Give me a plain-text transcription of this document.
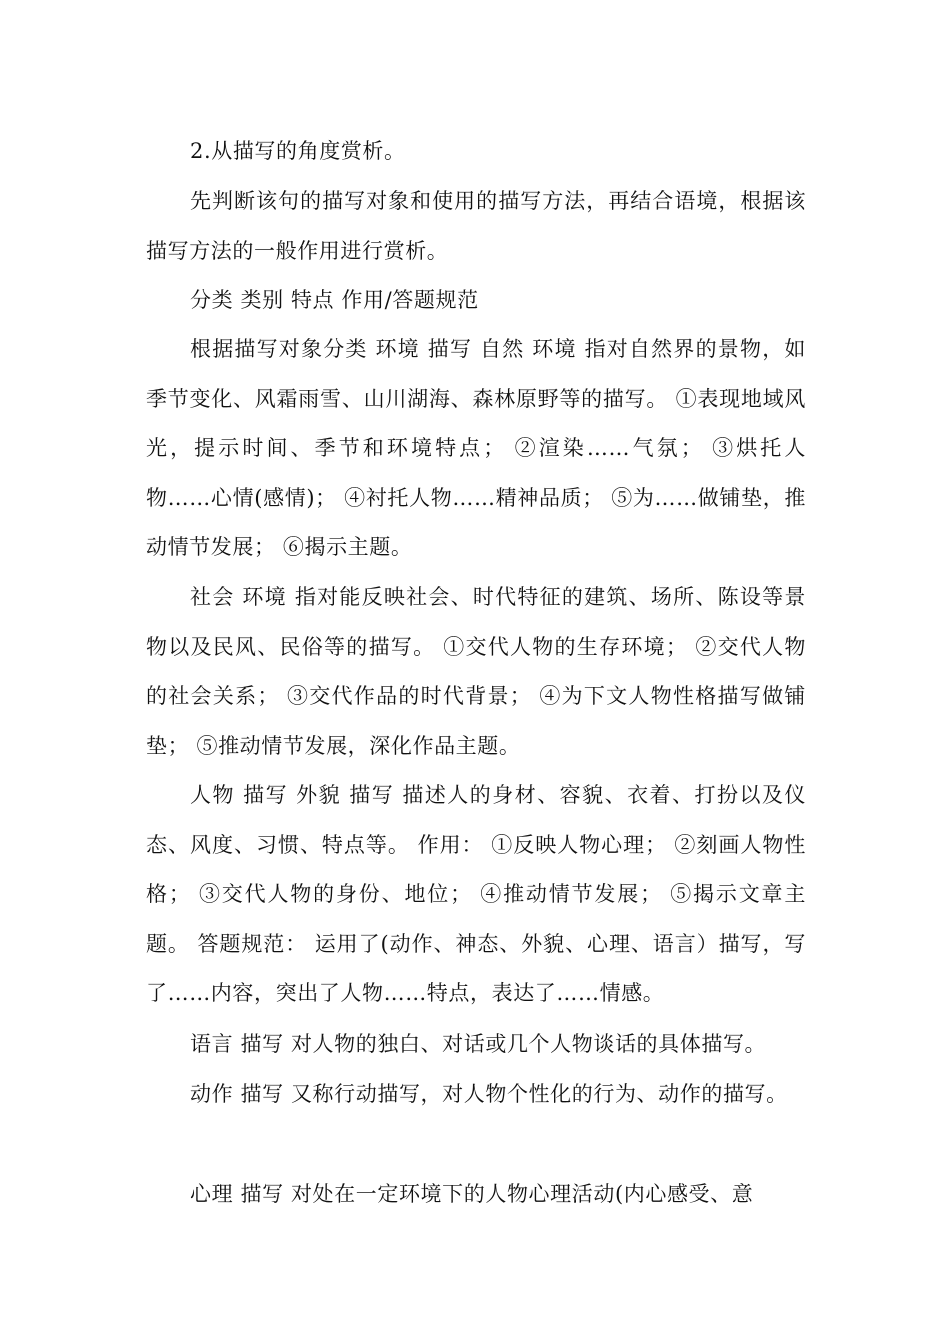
2.从描写的角度赏析。

先判断该句的描写对象和使用的描写方法，再结合语境，根据该描写方法的一般作用进行赏析。

分类 类别 特点 作用/答题规范

根据描写对象分类 环境 描写 自然 环境 指对自然界的景物，如季节变化、风霜雨雪、山川湖海、森林原野等的描写。 ①表现地域风光，提示时间、季节和环境特点； ②渲染……气氛； ③烘托人物……心情(感情)； ④衬托人物……精神品质； ⑤为……做铺垫，推动情节发展； ⑥揭示主题。

社会 环境 指对能反映社会、时代特征的建筑、场所、陈设等景物以及民风、民俗等的描写。 ①交代人物的生存环境； ②交代人物的社会关系； ③交代作品的时代背景； ④为下文人物性格描写做铺垫； ⑤推动情节发展，深化作品主题。

人物 描写 外貌 描写 描述人的身材、容貌、衣着、打扮以及仪态、风度、习惯、特点等。 作用： ①反映人物心理； ②刻画人物性格； ③交代人物的身份、地位； ④推动情节发展； ⑤揭示文章主题。 答题规范： 运用了(动作、神态、外貌、心理、语言）描写，写了……内容，突出了人物……特点，表达了……情感。

语言 描写 对人物的独白、对话或几个人物谈话的具体描写。

动作 描写 又称行动描写，对人物个性化的行为、动作的描写。

心理 描写 对处在一定环境下的人物心理活动(内心感受、意
